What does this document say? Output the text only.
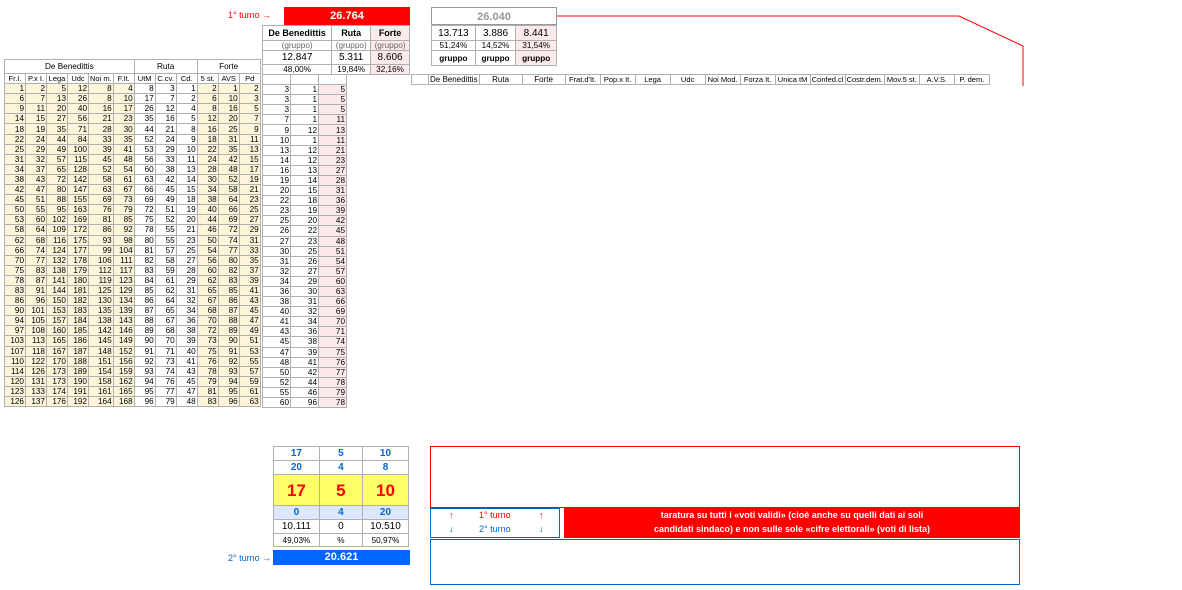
1° turno →	26.764	26.040
De Benedittis	Ruta	Forte
(gruppo)	(gruppo)	(gruppo)
12.847	5.311	8.606
48,00%	19,84%	32,16%
13.713	3.886	8.441
51,24%	14,52%	31,54%
gruppo	gruppo	gruppo
De Benedittis						Ruta			Forte		
Fr.I.	P.x I.	Lega	Udc	Noi m.	F.It.	UtM	C.cv.	Cd.	5 st.	AVS	Pd
1	2	5	12	8	4	8	3	1	2	1	2
6	7	13	26	8	10	17	7	2	6	10	3
9	11	20	40	16	17	26	12	4	8	16	5
14	15	27	56	21	23	35	16	5	12	20	7
18	19	35	71	28	30	44	21	8	16	25	9
22	24	44	84	33	35	52	24	9	18	31	11
25	29	49	100	39	41	53	29	10	22	35	13
31	32	57	115	45	48	56	33	11	24	42	15
34	37	65	128	52	54	60	38	13	28	48	17
38	43	72	142	58	61	63	42	14	30	52	19
42	47	80	147	63	67	66	45	15	34	58	21
45	51	88	155	69	73	69	49	18	38	64	23
50	55	95	163	76	79	72	51	19	40	66	25
53	60	102	169	81	85	75	52	20	44	69	27
58	64	109	172	86	92	78	55	21	46	72	29
62	68	116	175	93	98	80	55	23	50	74	31
66	74	124	177	99	104	81	57	25	54	77	33
70	77	132	178	106	111	82	58	27	56	80	35
75	83	138	179	112	117	83	59	28	60	82	37
78	87	141	180	119	123	84	61	29	62	83	39
83	91	144	181	125	129	85	62	31	65	85	41
86	96	150	182	130	134	86	64	32	67	86	43
90	101	153	183	135	139	87	65	34	68	87	45
94	105	157	184	138	143	88	67	36	70	88	47
97	108	160	185	142	146	89	68	38	72	89	49
103	113	165	186	145	149	90	70	39	73	90	51
107	118	167	187	148	152	91	71	40	75	91	53
110	122	170	188	151	156	92	73	41	76	92	55
114	126	173	189	154	159	93	74	43	78	93	57
120	131	173	190	158	162	94	76	45	79	94	59
123	133	174	191	161	165	95	77	47	81	95	61
126	137	176	192	164	168	96	79	48	83	96	63

3	1	5
3	1	5
3	1	5
7	1	11
9	12	13
10	1	11
13	12	21
14	12	23
16	13	27
19	14	28
20	15	31
22	18	36
23	19	39
25	20	42
26	22	45
27	23	48
30	25	51
31	26	54
32	27	57
34	29	60
36	30	63
38	31	66
40	32	69
41	34	70
43	36	71
45	38	74
47	39	75
48	41	76
50	42	77
52	44	78
55	46	79
60	96	78
	De Benedittis	Ruta	Forte	Frat.d'It.	Pop.x It.	Lega	Udc	Noi Mod.	Forza It.	Unica tM	Confed.cl	Costr.dem.	Mov.5 st.	A.V.S.	P. dem.
17	5	10
20	4	8
17	5	10
0	4	20
10.111	0	10.510
49,03%	%	50,97%
2° turno →	20.621
↑	1° turno	↑
↓	2° turno	↓
taratura su tutti i «voti validi» (cioè anche su quelli dati ai soli
candidati sindaco) e non sulle sole «cifre elettorali» (voti di lista)
